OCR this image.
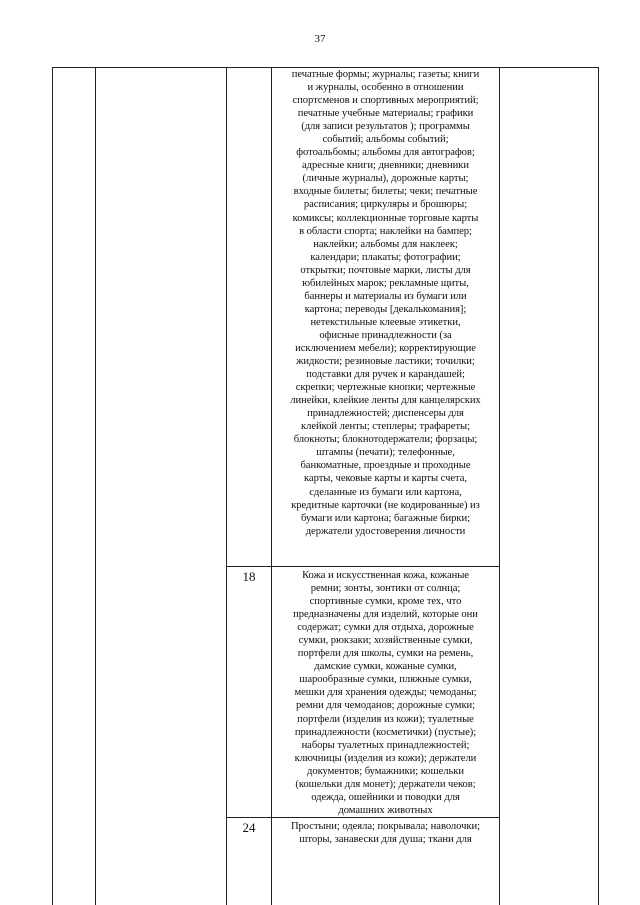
37
печатные формы; журналы; газеты; книги
и журналы, особенно в отношении
спортсменов и спортивных мероприятий;
печатные учебные материалы; графики
(для записи результатов ); программы
событий; альбомы событий;
фотоальбомы; альбомы для автографов;
адресные книги; дневники; дневники
(личные журналы), дорожные карты;
входные билеты; билеты; чеки; печатные
расписания; циркуляры и брошюры;
комиксы; коллекционные торговые карты
в области спорта; наклейки на бампер;
наклейки; альбомы для наклеек;
календари; плакаты; фотографии;
открытки; почтовые марки, листы для
юбилейных марок; рекламные щиты,
баннеры и материалы из бумаги или
картона; переводы [декалькомания];
нетекстильные клеевые этикетки,
офисные принадлежности (за
исключением мебели); корректирующие
жидкости; резиновые ластики; точилки;
подставки для ручек и карандашей;
скрепки; чертежные кнопки; чертежные
линейки, клейкие ленты для канцелярских
принадлежностей; диспенсеры для
клейкой ленты; степлеры; трафареты;
блокноты; блокнотодержатели; форзацы;
штампы (печати); телефонные,
банкоматные, проездные и проходные
карты, чековые карты и карты счета,
сделанные из бумаги или картона,
кредитные карточки (не кодированные) из
бумаги или картона; багажные бирки;
держатели удостоверения личности
18	Кожа и искусственная кожа, кожаные
ремни; зонты, зонтики от солнца;
спортивные сумки, кроме тех, что
предназначены для изделий, которые они
содержат; сумки для отдыха, дорожные
сумки, рюкзаки; хозяйственные сумки,
портфели для школы, сумки на ремень,
дамские сумки, кожаные сумки,
шарообразные сумки, пляжные сумки,
мешки для хранения одежды; чемоданы;
ремни для чемоданов; дорожные сумки;
портфели (изделия из кожи); туалетные
принадлежности (косметички) (пустые);
наборы туалетных принадлежностей;
ключницы (изделия из кожи); держатели
документов; бумажники; кошельки
(кошельки для монет); держатели чеков;
одежда, ошейники и поводки для
домашних животных
24	Простыни; одеяла; покрывала; наволочки;
шторы, занавески для душа; ткани для
